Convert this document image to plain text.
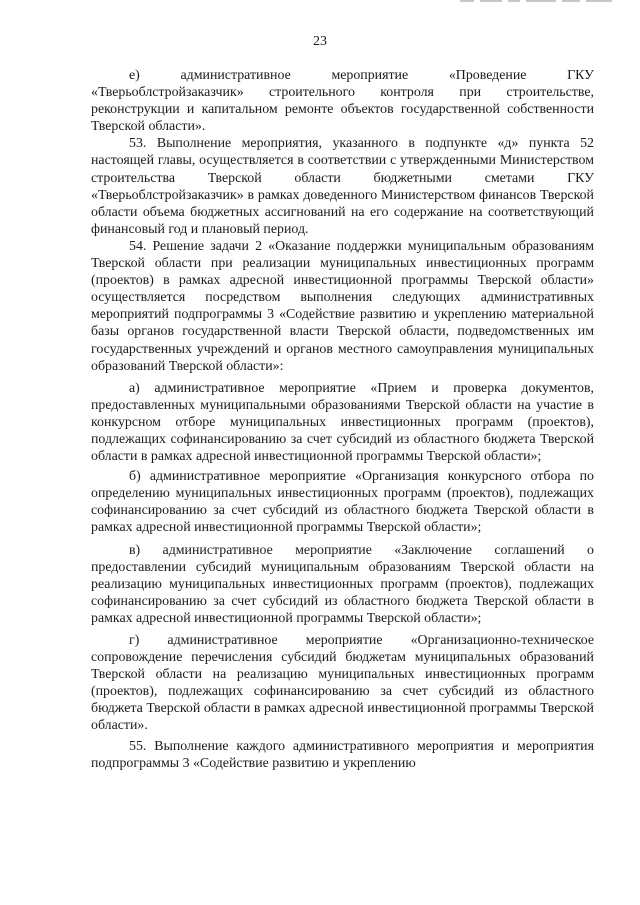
23

е) административное мероприятие «Проведение ГКУ «Тверьоблстройзаказчик» строительного контроля при строительстве, реконструкции и капитальном ремонте объектов государственной собственности Тверской области».

53. Выполнение мероприятия, указанного в подпункте «д» пункта 52 настоящей главы, осуществляется в соответствии с утвержденными Министерством строительства Тверской области бюджетными сметами ГКУ «Тверьоблстройзаказчик» в рамках доведенного Министерством финансов Тверской области объема бюджетных ассигнований на его содержание на соответствующий финансовый год и плановый период.

54. Решение задачи 2 «Оказание поддержки муниципальным образованиям Тверской области при реализации муниципальных инвестиционных программ (проектов) в рамках адресной инвестиционной программы Тверской области» осуществляется посредством выполнения следующих административных мероприятий подпрограммы 3 «Содействие развитию и укреплению материальной базы органов государственной власти Тверской области, подведомственных им государственных учреждений и органов местного самоуправления муниципальных образований Тверской области»:

а) административное мероприятие «Прием и проверка документов, предоставленных муниципальными образованиями Тверской области на участие в конкурсном отборе муниципальных инвестиционных программ (проектов), подлежащих софинансированию за счет субсидий из областного бюджета Тверской области в рамках адресной инвестиционной программы Тверской области»;

б) административное мероприятие «Организация конкурсного отбора по определению муниципальных инвестиционных программ (проектов), подлежащих софинансированию за счет субсидий из областного бюджета Тверской области в рамках адресной инвестиционной программы Тверской области»;

в) административное мероприятие «Заключение соглашений о предоставлении субсидий муниципальным образованиям Тверской области на реализацию муниципальных инвестиционных программ (проектов), подлежащих софинансированию за счет субсидий из областного бюджета Тверской области в рамках адресной инвестиционной программы Тверской области»;

г) административное мероприятие «Организационно-техническое сопровождение перечисления субсидий бюджетам муниципальных образований Тверской области на реализацию муниципальных инвестиционных программ (проектов), подлежащих софинансированию за счет субсидий из областного бюджета Тверской области в рамках адресной инвестиционной программы Тверской области».

55. Выполнение каждого административного мероприятия и мероприятия подпрограммы 3 «Содействие развитию и укреплению
